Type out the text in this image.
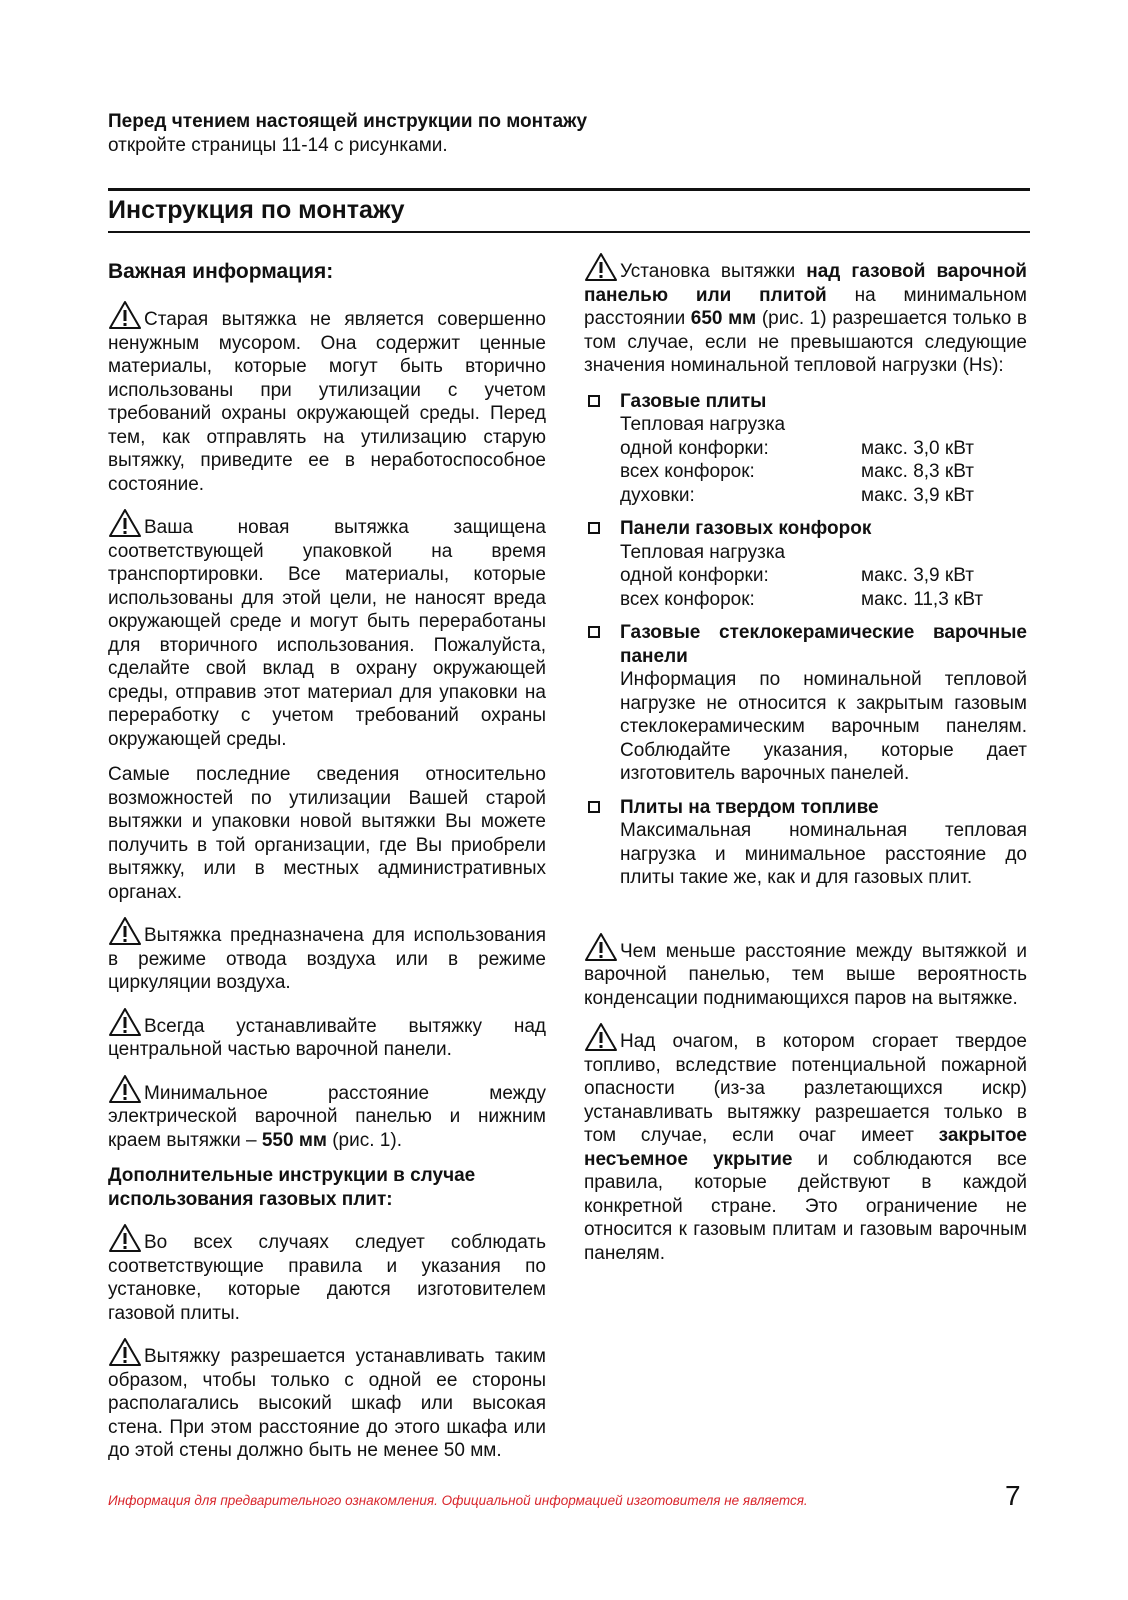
Перед чтением настоящей инструкции по монтажу
откройте страницы 11-14 с рисунками.
Инструкция по монтажу
Важная информация:

Старая вытяжка не является совершенно ненужным мусором. Она содержит ценные материалы, которые могут быть вторично использованы при утилизации с учетом требований охраны окружающей среды. Перед тем, как отправлять на утилизацию старую вытяжку, приведите ее в неработоспособное состояние.

Ваша новая вытяжка защищена соответствующей упаковкой на время транспортировки. Все материалы, которые использованы для этой цели, не наносят вреда окружающей среде и могут быть переработаны для вторичного использования. Пожалуйста, сделайте свой вклад в охрану окружающей среды, отправив этот материал для упаковки на переработку с учетом требований охраны окружающей среды.

Самые последние сведения относительно возможностей по утилизации Вашей старой вытяжки и упаковки новой вытяжки Вы можете получить в той организации, где Вы приобрели вытяжку, или в местных административных органах.

Вытяжка предназначена для использования в режиме отвода воздуха или в режиме циркуляции воздуха.

Всегда устанавливайте вытяжку над центральной частью варочной панели.

Минимальное расстояние между электрической варочной панелью и нижним краем вытяжки – 550 мм (рис. 1).

Дополнительные инструкции в случае использования газовых плит:

Во всех случаях следует соблюдать соответствующие правила и указания по установке, которые даются изготовителем газовой плиты.

Вытяжку разрешается устанавливать таким образом, чтобы только с одной ее стороны располагались высокий шкаф или высокая стена. При этом расстояние до этого шкафа или до этой стены должно быть не менее 50 мм.

Установка вытяжки над газовой варочной панелью или плитой на минимальном расстоянии 650 мм (рис. 1) разрешается только в том случае, если не превышаются следующие значения номинальной тепловой нагрузки (Hs):

Газовые плиты
Тепловая нагрузка
одной конфорки:	макс. 3,0 кВт
всех конфорок:	макс. 8,3 кВт
духовки:	макс. 3,9 кВт
Панели газовых конфорок
Тепловая нагрузка
одной конфорки:	макс. 3,9 кВт
всех конфорок:	макс. 11,3 кВт
Газовые стеклокерамические варочные панели
Информация по номинальной тепловой нагрузке не относится к закрытым газовым стеклокерамическим варочным панелям. Соблюдайте указания, которые дает изготовитель варочных панелей.
Плиты на твердом топливе
Максимальная номинальная тепловая нагрузка и минимальное расстояние до плиты такие же, как и для газовых плит.

Чем меньше расстояние между вытяжкой и варочной панелью, тем выше вероятность конденсации поднимающихся паров на вытяжке.

Над очагом, в котором сгорает твердое топливо, вследствие потенциальной пожарной опасности (из-за разлетающихся искр) устанавливать вытяжку разрешается только в том случае, если очаг имеет закрытое несъемное укрытие и соблюдаются все правила, которые действуют в каждой конкретной стране. Это ограничение не относится к газовым плитам и газовым варочным панелям.

Информация для предварительного ознакомления. Официальной информацией изготовителя не является.	7
